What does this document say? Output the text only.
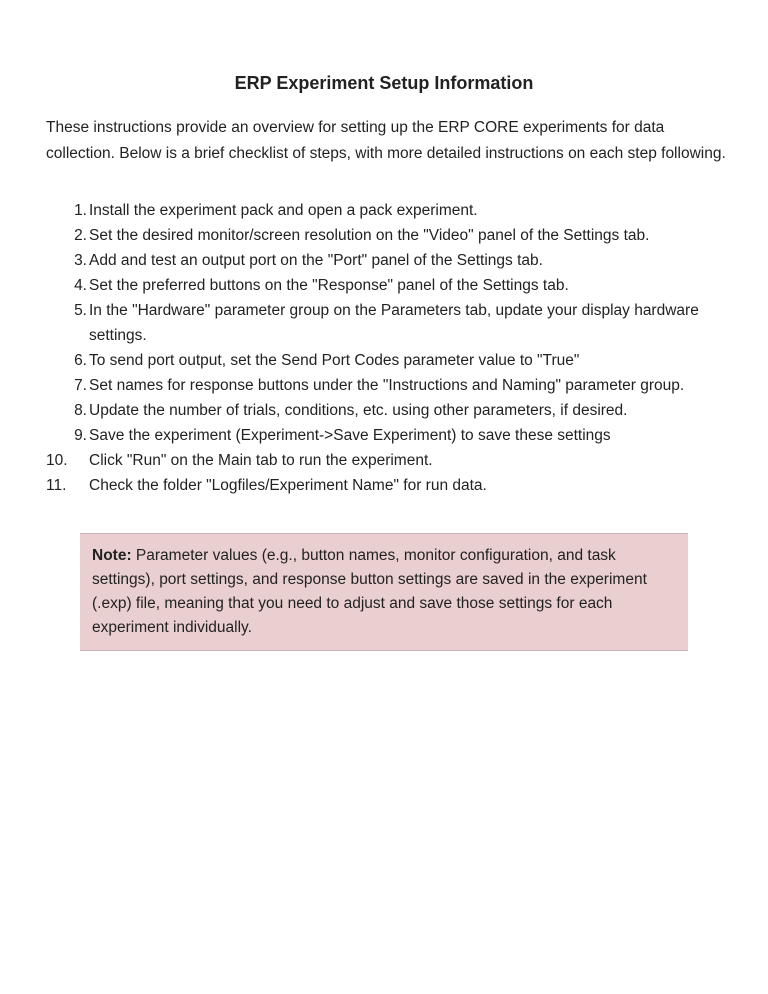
ERP Experiment Setup Information

These instructions provide an overview for setting up the ERP CORE experiments for data collection. Below is a brief checklist of steps, with more detailed instructions on each step following.

1. Install the experiment pack and open a pack experiment.
2. Set the desired monitor/screen resolution on the "Video" panel of the Settings tab.
3. Add and test an output port on the "Port" panel of the Settings tab.
4. Set the preferred buttons on the "Response" panel of the Settings tab.
5. In the "Hardware" parameter group on the Parameters tab, update your display hardware settings.
6. To send port output, set the Send Port Codes parameter value to "True"
7. Set names for response buttons under the "Instructions and Naming" parameter group.
8. Update the number of trials, conditions, etc. using other parameters, if desired.
9. Save the experiment (Experiment->Save Experiment) to save these settings
10.	Click "Run" on the Main tab to run the experiment.
11.	Check the folder "Logfiles/Experiment Name" for run data.
Note: Parameter values (e.g., button names, monitor configuration, and task settings), port settings, and response button settings are saved in the experiment (.exp) file, meaning that you need to adjust and save those settings for each experiment individually.
